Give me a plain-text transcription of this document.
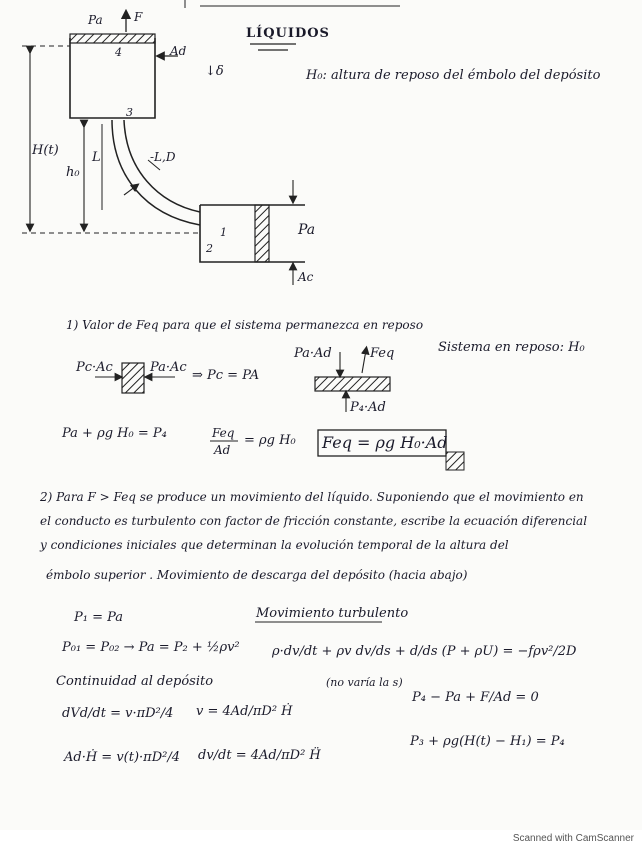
LÍQUIDOS
↓δ	H₀: altura de reposo del émbolo del depósito
Pa	F
4	Ad
3
H(t)
h₀
L	-L,D
1
2
Pa
Ac
1) Valor de Feq para que el sistema permanezca en reposo
Pc·Ac	Pa·Ac
⇒ Pc = PA
Pa·Ad	Feq
P₄·Ad
Sistema en reposo: H₀
Pa + ρg H₀ = P₄	Feq
Ad
= ρg H₀ Feq = ρg H₀·Ad
2) Para F > Feq se produce un movimiento del líquido. Suponiendo que el movimiento en
el conducto es turbulento con factor de fricción constante, escribe la ecuación diferencial
y condiciones iniciales que determinan la evolución temporal de la altura del
émbolo superior . Movimiento de descarga del depósito (hacia abajo)
P₁ = Pa
P₀₁ = P₀₂ → Pa = P₂ + ½ρv²
Movimiento turbulento
ρ·dv/dt + ρv dv/ds + d/ds (P + ρU) = −fρv²/2D
(no varía la s)
Continuidad al depósito
dVd/dt = v·πD²/4 v = 4Ad/πD² Ḣ
P₄ − Pa + F/Ad = 0
Ad·Ḣ = v(t)·πD²/4 dv/dt = 4Ad/πD² Ḧ
P₃ + ρg(H(t) − H₁) = P₄
Scanned with CamScanner
